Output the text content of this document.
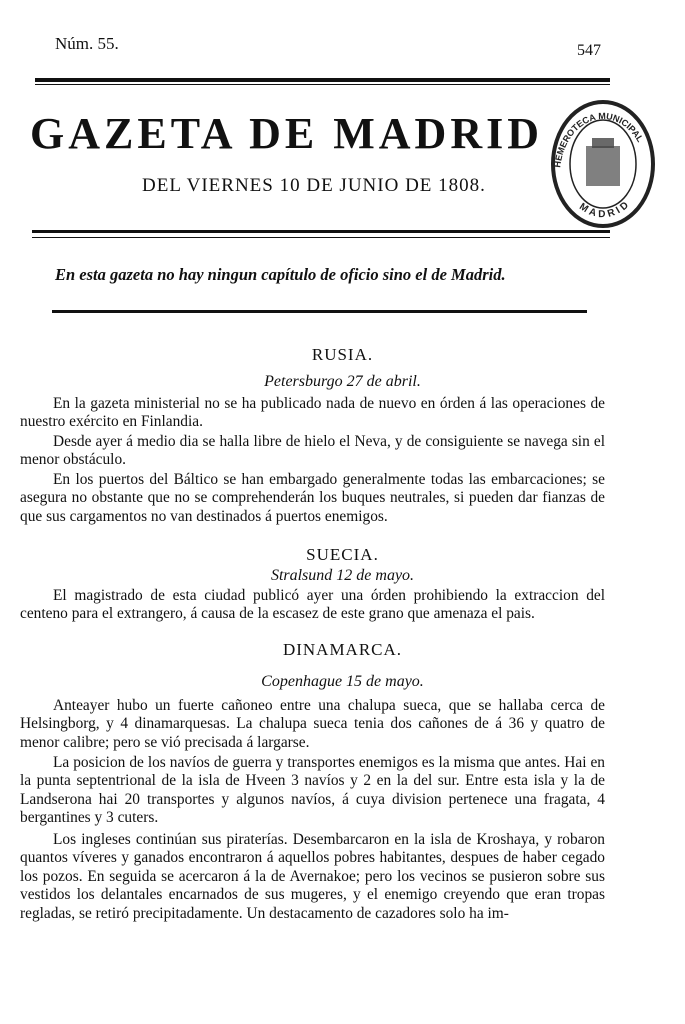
Núm. 55.	547
GAZETA DE MADRID
DEL VIERNES 10 DE JUNIO DE 1808.
HEMEROTECA MUNICIPAL
MADRID
En esta gazeta no hay ningun capítulo de oficio sino el de Madrid.
RUSIA.
Petersburgo 27 de abril.
En la gazeta ministerial no se ha publicado nada de nuevo en órden á las operaciones de nuestro exército en Finlandia.
Desde ayer á medio dia se halla libre de hielo el Neva, y de consiguiente se navega sin el menor obstáculo.
En los puertos del Báltico se han embargado generalmente todas las embarcaciones; se asegura no obstante que no se comprehenderán los buques neutrales, si pueden dar fianzas de que sus cargamentos no van destinados á puertos enemigos.
SUECIA.
Stralsund 12 de mayo.
El magistrado de esta ciudad publicó ayer una órden prohibiendo la extraccion del centeno para el extrangero, á causa de la escasez de este grano que amenaza el pais.
DINAMARCA.
Copenhague 15 de mayo.
Anteayer hubo un fuerte cañoneo entre una chalupa sueca, que se hallaba cerca de Helsingborg, y 4 dinamarquesas. La chalupa sueca tenia dos cañones de á 36 y quatro de menor calibre; pero se vió precisada á largarse.
La posicion de los navíos de guerra y transportes enemigos es la misma que antes. Hai en la punta septentrional de la isla de Hveen 3 navíos y 2 en la del sur. Entre esta isla y la de Landserona hai 20 transportes y algunos navíos, á cuya division pertenece una fragata, 4 bergantines y 3 cuters.
Los ingleses continúan sus piraterías. Desembarcaron en la isla de Kroshaya, y robaron quantos víveres y ganados encontraron á aquellos pobres habitantes, despues de haber cegado los pozos. En seguida se acercaron á la de Avernakoe; pero los vecinos se pusieron sobre sus vestidos los delantales encarnados de sus mugeres, y el enemigo creyendo que eran tropas regladas, se retiró precipitadamente. Un destacamento de cazadores solo ha im-
